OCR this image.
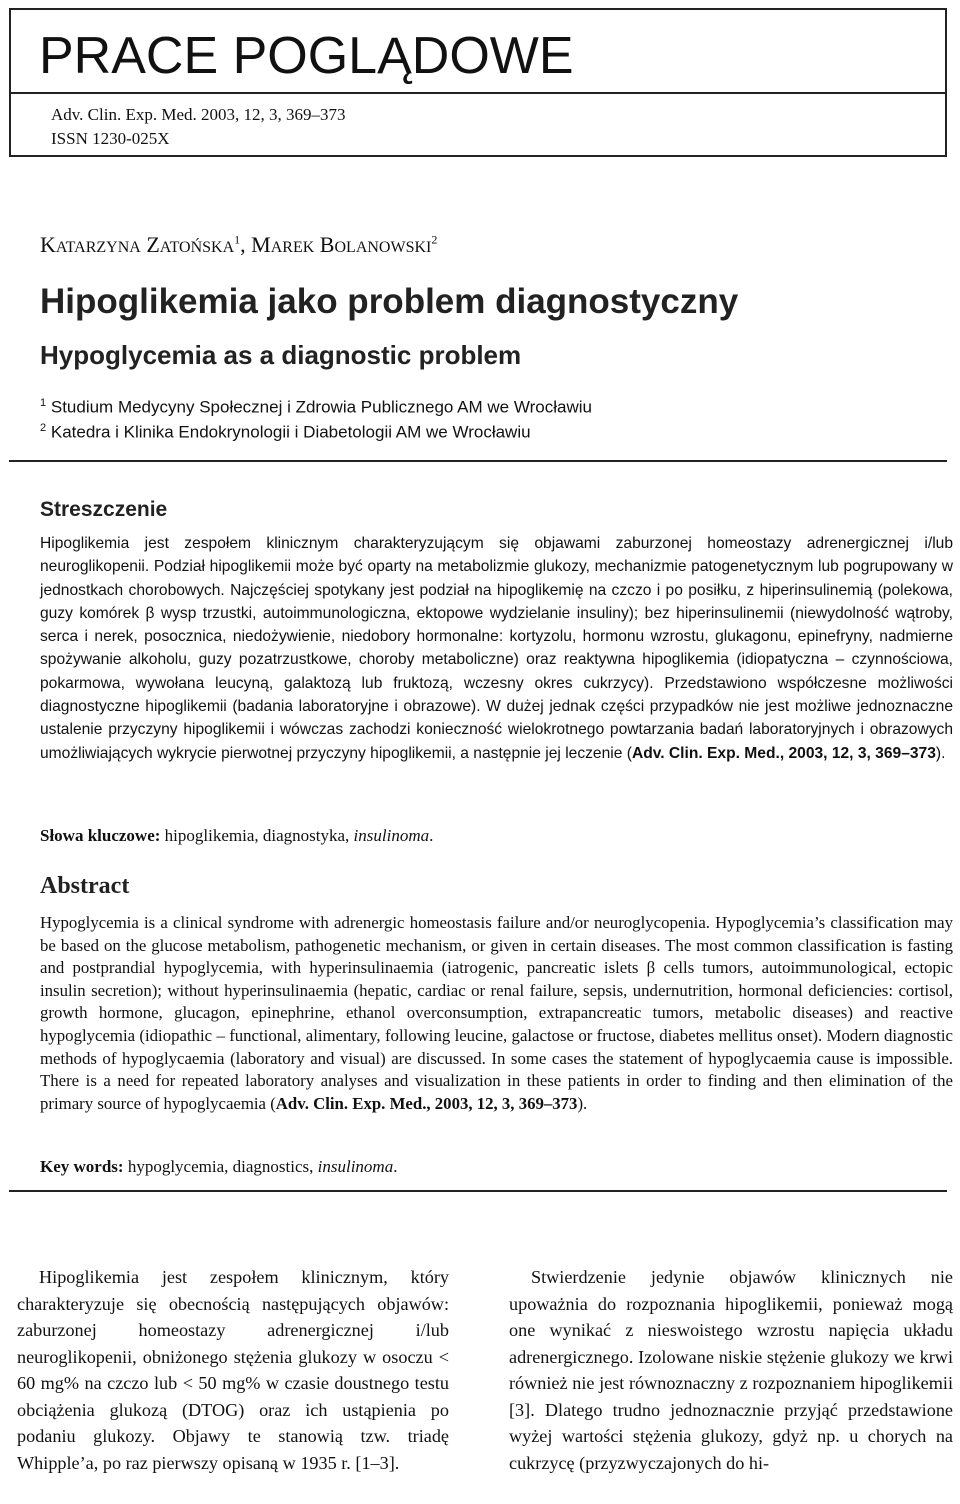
PRACE POGLĄDOWE
Adv. Clin. Exp. Med. 2003, 12, 3, 369–373
ISSN 1230-025X
KATARZYNA ZATOŃSKA$^1$, MAREK BOLANOWSKI$^2$
Hipoglikemia jako problem diagnostyczny
Hypoglycemia as a diagnostic problem
$^1$ Studium Medycyny Społecznej i Zdrowia Publicznego AM we Wrocławiu
$^2$ Katedra i Klinika Endokrynologii i Diabetologii AM we Wrocławiu
Streszczenie
Hipoglikemia jest zespołem klinicznym charakteryzującym się objawami zaburzonej homeostazy adrenergicznej i/lub neuroglikopenii. Podział hipoglikemii może być oparty na metabolizmie glukozy, mechanizmie patogenetycznym lub pogrupowany w jednostkach chorobowych. Najczęściej spotykany jest podział na hipoglikemię na czczo i po posiłku, z hiperinsulinemią (polekowa, guzy komórek β wysp trzustki, autoimmunologiczna, ektopowe wydzielanie insuliny); bez hiperinsulinemii (niewydolność wątroby, serca i nerek, posocznica, niedożywienie, niedobory hormonalne: kortyzolu, hormonu wzrostu, glukagonu, epinefryny, nadmierne spożywanie alkoholu, guzy pozatrzustkowe, choroby metaboliczne) oraz reaktywna hipoglikemia (idiopatyczna – czynnościowa, pokarmowa, wywołana leucyną, galaktozą lub fruktozą, wczesny okres cukrzycy). Przedstawiono współczesne możliwości diagnostyczne hipoglikemii (badania laboratoryjne i obrazowe). W dużej jednak części przypadków nie jest możliwe jednoznaczne ustalenie przyczyny hipoglikemii i wówczas zachodzi konieczność wielokrotnego powtarzania badań laboratoryjnych i obrazowych umożliwiających wykrycie pierwotnej przyczyny hipoglikemii, a następnie jej leczenie (Adv. Clin. Exp. Med., 2003, 12, 3, 369–373).
Słowa kluczowe: hipoglikemia, diagnostyka, insulinoma.
Abstract
Hypoglycemia is a clinical syndrome with adrenergic homeostasis failure and/or neuroglycopenia. Hypoglycemia’s classification may be based on the glucose metabolism, pathogenetic mechanism, or given in certain diseases. The most common classification is fasting and postprandial hypoglycemia, with hyperinsulinaemia (iatrogenic, pancreatic islets β cells tumors, autoimmunological, ectopic insulin secretion); without hyperinsulinaemia (hepatic, cardiac or renal failure, sepsis, undernutrition, hormonal deficiencies: cortisol, growth hormone, glucagon, epinephrine, ethanol overconsumption, extrapancreatic tumors, metabolic diseases) and reactive hypoglycemia (idiopathic – functional, alimentary, following leucine, galactose or fructose, diabetes mellitus onset). Modern diagnostic methods of hypoglycaemia (laboratory and visual) are discussed. In some cases the statement of hypoglycaemia cause is impossible. There is a need for repeated laboratory analyses and visualization in these patients in order to finding and then elimination of the primary source of hypoglycaemia (Adv. Clin. Exp. Med., 2003, 12, 3, 369–373).
Key words: hypoglycemia, diagnostics, insulinoma.
Hipoglikemia jest zespołem klinicznym, który charakteryzuje się obecnością następujących objawów: zaburzonej homeostazy adrenergicznej i/lub neuroglikopenii, obniżonego stężenia glukozy w osoczu < 60 mg% na czczo lub < 50 mg% w czasie doustnego testu obciążenia glukozą (DTOG) oraz ich ustąpienia po podaniu glukozy. Objawy te stanowią tzw. triadę Whipple’a, po raz pierwszy opisaną w 1935 r. [1–3].
Stwierdzenie jedynie objawów klinicznych nie upoważnia do rozpoznania hipoglikemii, ponieważ mogą one wynikać z nieswoistego wzrostu napięcia układu adrenergicznego. Izolowane niskie stężenie glukozy we krwi również nie jest równoznaczny z rozpoznaniem hipoglikemii [3]. Dlatego trudno jednoznacznie przyjąć przedstawione wyżej wartości stężenia glukozy, gdyż np. u chorych na cukrzycę (przyzwyczajonych do hi-
